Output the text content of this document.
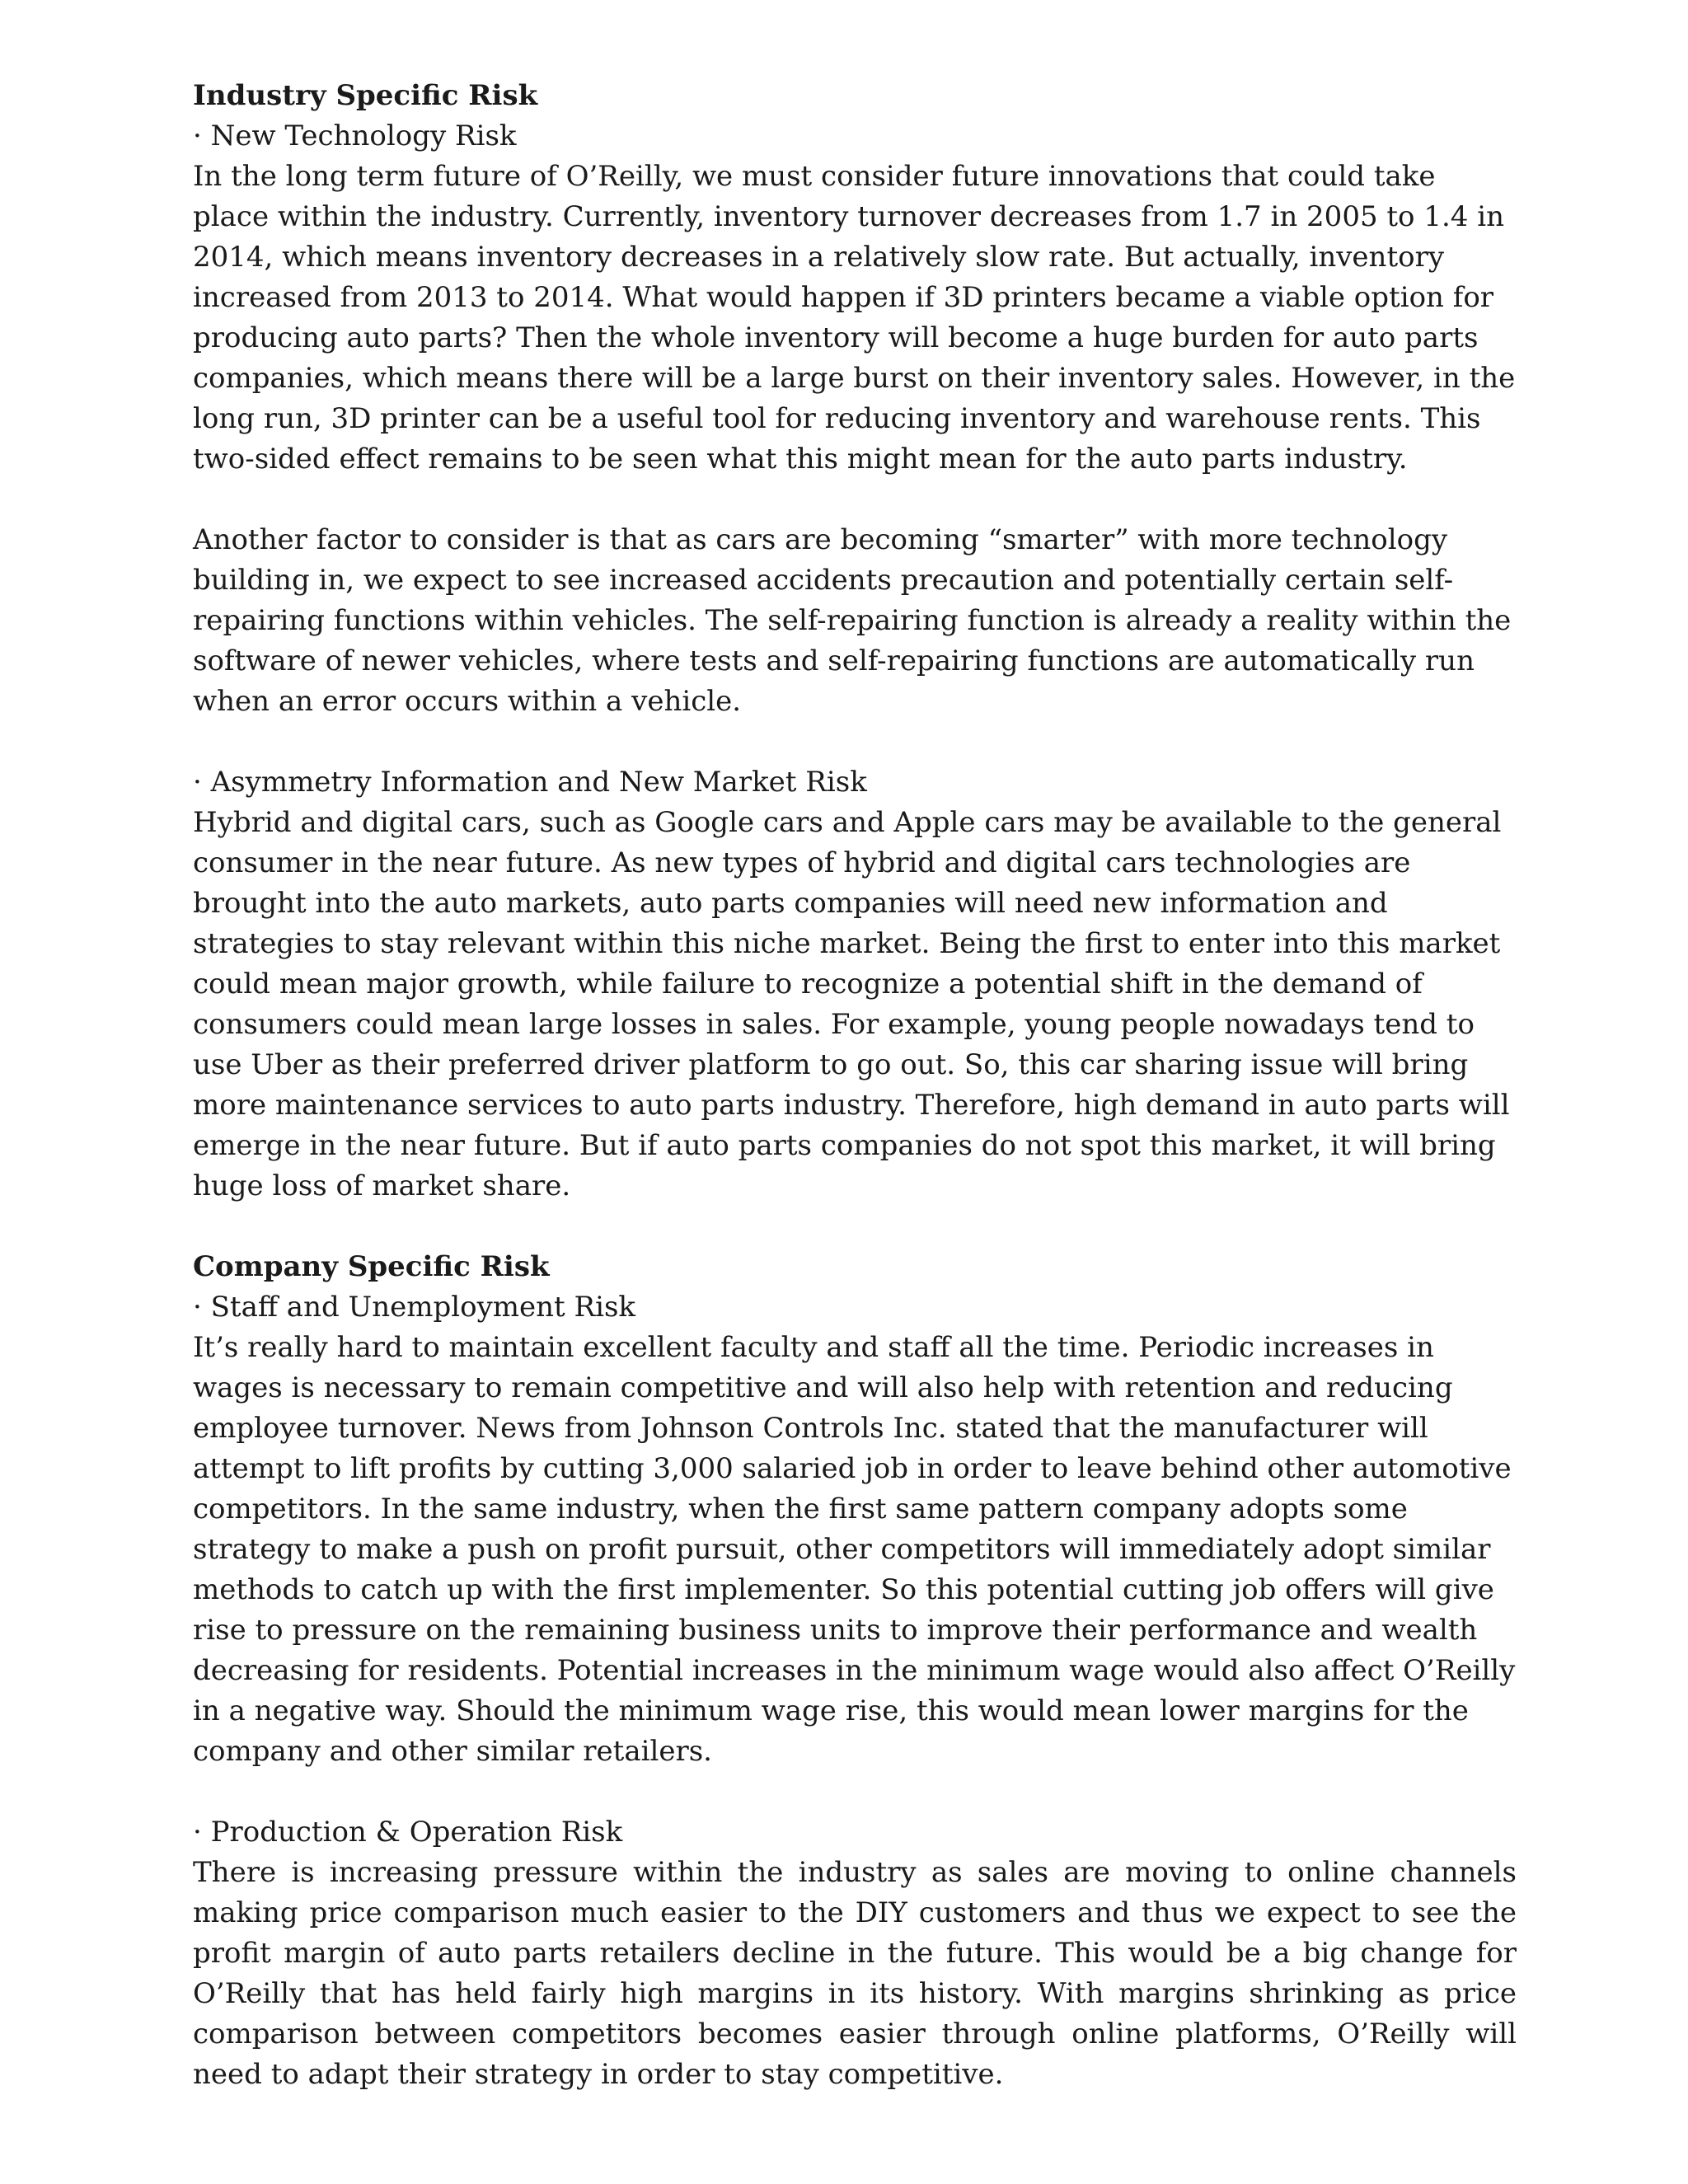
Industry Specific Risk

· New Technology Risk

In the long term future of O’Reilly, we must consider future innovations that could take place within the industry. Currently, inventory turnover decreases from 1.7 in 2005 to 1.4 in 2014, which means inventory decreases in a relatively slow rate. But actually, inventory increased from 2013 to 2014. What would happen if 3D printers became a viable option for producing auto parts? Then the whole inventory will become a huge burden for auto parts companies, which means there will be a large burst on their inventory sales. However, in the long run, 3D printer can be a useful tool for reducing inventory and warehouse rents. This two-sided effect remains to be seen what this might mean for the auto parts industry.

Another factor to consider is that as cars are becoming “smarter” with more technology building in, we expect to see increased accidents precaution and potentially certain self-repairing functions within vehicles. The self-repairing function is already a reality within the software of newer vehicles, where tests and self-repairing functions are automatically run when an error occurs within a vehicle.

· Asymmetry Information and New Market Risk

Hybrid and digital cars, such as Google cars and Apple cars may be available to the general consumer in the near future. As new types of hybrid and digital cars technologies are brought into the auto markets, auto parts companies will need new information and strategies to stay relevant within this niche market. Being the first to enter into this market could mean major growth, while failure to recognize a potential shift in the demand of consumers could mean large losses in sales. For example, young people nowadays tend to use Uber as their preferred driver platform to go out. So, this car sharing issue will bring more maintenance services to auto parts industry. Therefore, high demand in auto parts will emerge in the near future. But if auto parts companies do not spot this market, it will bring huge loss of market share.

Company Specific Risk

· Staff and Unemployment Risk

It’s really hard to maintain excellent faculty and staff all the time. Periodic increases in wages is necessary to remain competitive and will also help with retention and reducing employee turnover. News from Johnson Controls Inc. stated that the manufacturer will attempt to lift profits by cutting 3,000 salaried job in order to leave behind other automotive competitors. In the same industry, when the first same pattern company adopts some strategy to make a push on profit pursuit, other competitors will immediately adopt similar methods to catch up with the first implementer. So this potential cutting job offers will give rise to pressure on the remaining business units to improve their performance and wealth decreasing for residents. Potential increases in the minimum wage would also affect O’Reilly in a negative way. Should the minimum wage rise, this would mean lower margins for the company and other similar retailers.

· Production & Operation Risk

There is increasing pressure within the industry as sales are moving to online channels making price comparison much easier to the DIY customers and thus we expect to see the profit margin of auto parts retailers decline in the future. This would be a big change for O’Reilly that has held fairly high margins in its history. With margins shrinking as price comparison between competitors becomes easier through online platforms, O’Reilly will need to adapt their strategy in order to stay competitive.
